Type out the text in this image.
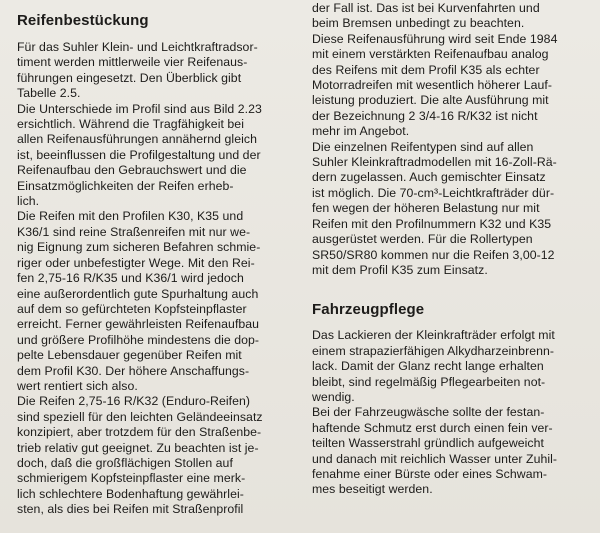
Reifenbestückung
Für das Suhler Klein- und Leichtkraftradsor-
timent werden mittlerweile vier Reifenaus-
führungen eingesetzt. Den Überblick gibt
Tabelle 2.5.
Die Unterschiede im Profil sind aus Bild 2.23
ersichtlich. Während die Tragfähigkeit bei
allen Reifenausführungen annähernd gleich
ist, beeinflussen die Profilgestaltung und der
Reifenaufbau den Gebrauchswert und die
Einsatzmöglichkeiten der Reifen erheb-
lich.
Die Reifen mit den Profilen K30, K35 und
K36/1 sind reine Straßenreifen mit nur we-
nig Eignung zum sicheren Befahren schmie-
riger oder unbefestigter Wege. Mit den Rei-
fen 2,75-16 R/K35 und K36/1 wird jedoch
eine außerordentlich gute Spurhaltung auch
auf dem so gefürchteten Kopfsteinpflaster
erreicht. Ferner gewährleisten Reifenaufbau
und größere Profilhöhe mindestens die dop-
pelte Lebensdauer gegenüber Reifen mit
dem Profil K30. Der höhere Anschaffungs-
wert rentiert sich also.
Die Reifen 2,75-16 R/K32 (Enduro-Reifen)
sind speziell für den leichten Geländeeinsatz
konzipiert, aber trotzdem für den Straßenbe-
trieb relativ gut geeignet. Zu beachten ist je-
doch, daß die großflächigen Stollen auf
schmierigem Kopfsteinpflaster eine merk-
lich schlechtere Bodenhaftung gewährlei-
sten, als dies bei Reifen mit Straßenprofil
der Fall ist. Das ist bei Kurvenfahrten und
beim Bremsen unbedingt zu beachten.
Diese Reifenausführung wird seit Ende 1984
mit einem verstärkten Reifenaufbau analog
des Reifens mit dem Profil K35 als echter
Motorradreifen mit wesentlich höherer Lauf-
leistung produziert. Die alte Ausführung mit
der Bezeichnung 2 3/4-16 R/K32 ist nicht
mehr im Angebot.
Die einzelnen Reifentypen sind auf allen
Suhler Kleinkraftradmodellen mit 16-Zoll-Rä-
dern zugelassen. Auch gemischter Einsatz
ist möglich. Die 70-cm³-Leichtkrafträder dür-
fen wegen der höheren Belastung nur mit
Reifen mit den Profilnummern K32 und K35
ausgerüstet werden. Für die Rollertypen
SR50/SR80 kommen nur die Reifen 3,00-12
mit dem Profil K35 zum Einsatz.
Fahrzeugpflege
Das Lackieren der Kleinkrafträder erfolgt mit
einem strapazierfähigen Alkydharzeinbrenn-
lack. Damit der Glanz recht lange erhalten
bleibt, sind regelmäßig Pflegearbeiten not-
wendig.
Bei der Fahrzeugwäsche sollte der festan-
haftende Schmutz erst durch einen fein ver-
teilten Wasserstrahl gründlich aufgeweicht
und danach mit reichlich Wasser unter Zuhil-
fenahme einer Bürste oder eines Schwam-
mes beseitigt werden.
